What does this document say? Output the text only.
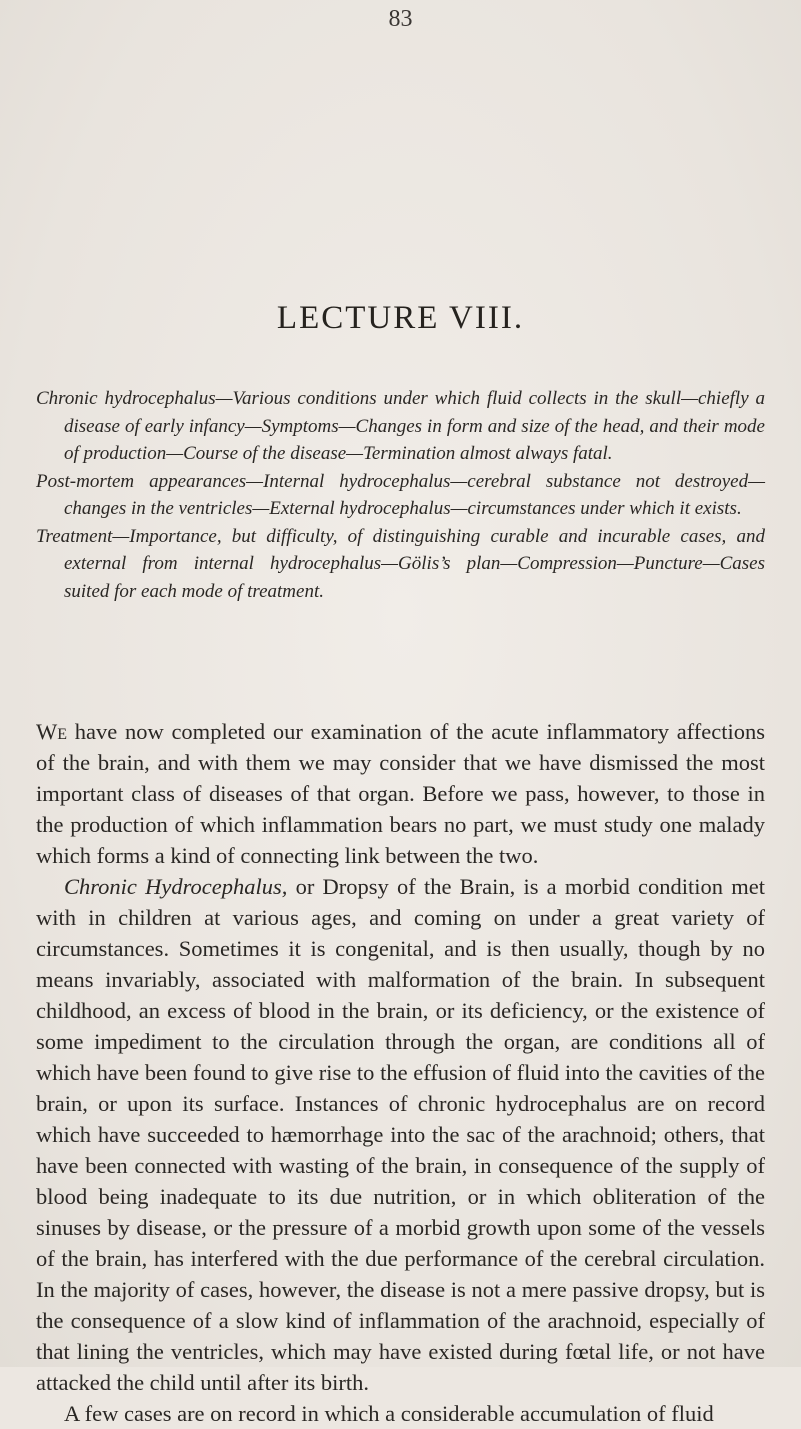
83
LECTURE VIII.

Chronic hydrocephalus—Various conditions under which fluid collects in the skull—chiefly a disease of early infancy—Symptoms—Changes in form and size of the head, and their mode of production—Course of the disease—Termination almost always fatal.

Post-mortem appearances—Internal hydrocephalus—cerebral substance not destroyed—changes in the ventricles—External hydrocephalus—circumstances under which it exists.

Treatment—Importance, but difficulty, of distinguishing curable and incurable cases, and external from internal hydrocephalus—Gölis’s plan—Compression—Puncture—Cases suited for each mode of treatment.

We have now completed our examination of the acute inflammatory affections of the brain, and with them we may consider that we have dismissed the most important class of diseases of that organ. Before we pass, however, to those in the production of which inflammation bears no part, we must study one malady which forms a kind of connecting link between the two.

Chronic Hydrocephalus, or Dropsy of the Brain, is a morbid condition met with in children at various ages, and coming on under a great variety of circumstances. Sometimes it is congenital, and is then usually, though by no means invariably, associated with malformation of the brain. In subsequent childhood, an excess of blood in the brain, or its deficiency, or the existence of some impediment to the circulation through the organ, are conditions all of which have been found to give rise to the effusion of fluid into the cavities of the brain, or upon its surface. Instances of chronic hydrocephalus are on record which have succeeded to hæmorrhage into the sac of the arachnoid; others, that have been connected with wasting of the brain, in consequence of the supply of blood being inadequate to its due nutrition, or in which obliteration of the sinuses by disease, or the pressure of a morbid growth upon some of the vessels of the brain, has interfered with the due performance of the cerebral circulation. In the majority of cases, however, the disease is not a mere passive dropsy, but is the consequence of a slow kind of inflammation of the arachnoid, especially of that lining the ventricles, which may have existed during fœtal life, or not have attacked the child until after its birth.

A few cases are on record in which a considerable accumulation of fluid
